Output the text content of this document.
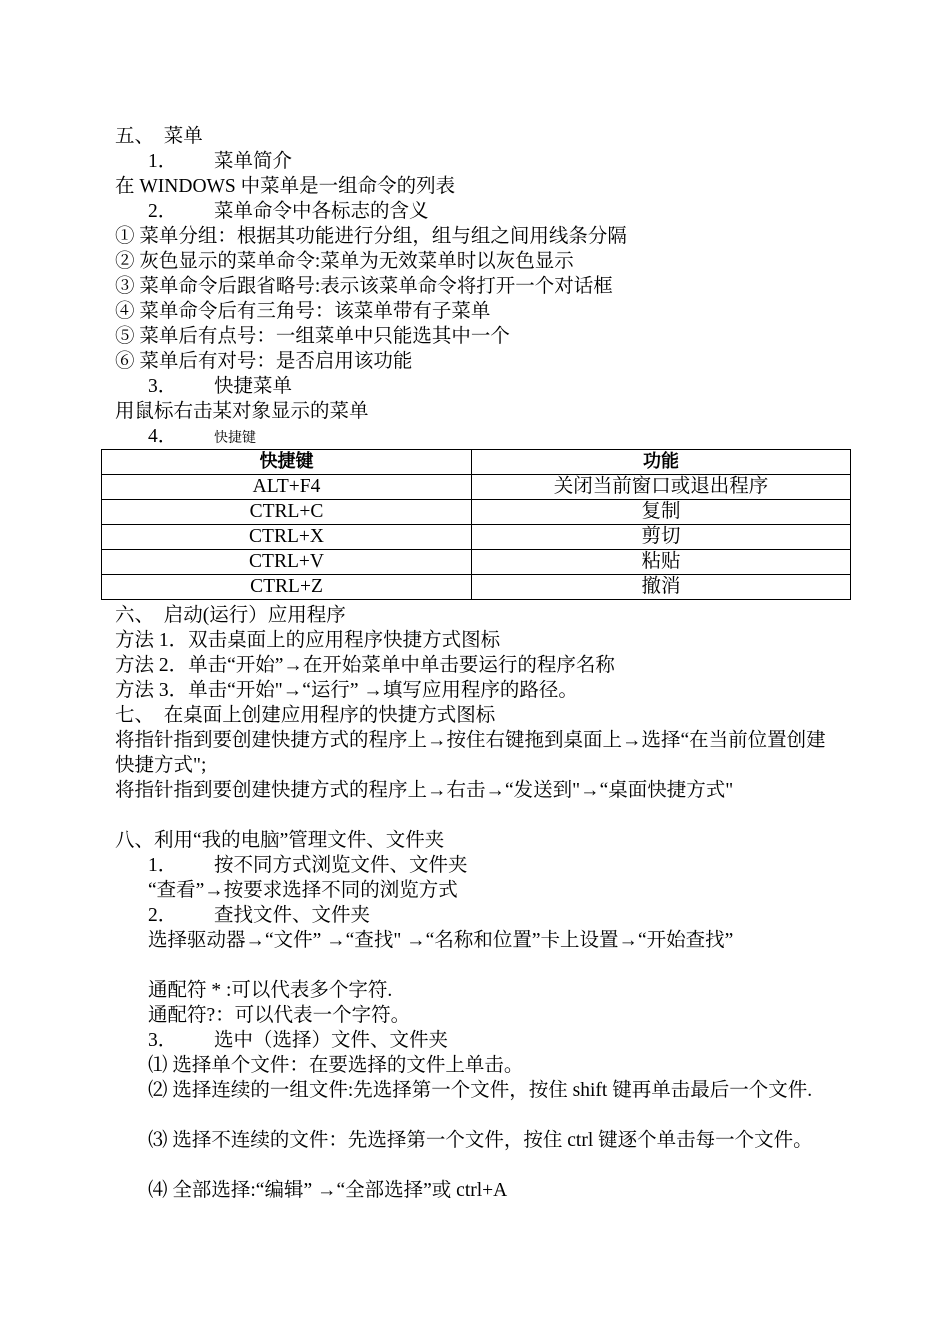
五、　菜单
1． 菜单简介
在 WINDOWS 中菜单是一组命令的列表
2． 菜单命令中各标志的含义
① 菜单分组：根据其功能进行分组，组与组之间用线条分隔
② 灰色显示的菜单命令:菜单为无效菜单时以灰色显示
③ 菜单命令后跟省略号:表示该菜单命令将打开一个对话框
④ 菜单命令后有三角号：该菜单带有子菜单
⑤ 菜单后有点号：一组菜单中只能选其中一个
⑥ 菜单后有对号：是否启用该功能
3． 快捷菜单
用鼠标右击某对象显示的菜单
4．	快捷键
快捷键	功能
ALT+F4	关闭当前窗口或退出程序
CTRL+C	复制
CTRL+X	剪切
CTRL+V	粘贴
CTRL+Z	撤消
六、　启动(运行）应用程序
方法 1．双击桌面上的应用程序快捷方式图标
方法 2．单击“开始”→在开始菜单中单击要运行的程序名称
方法 3．单击“开始"→“运行” →填写应用程序的路径。
七、　在桌面上创建应用程序的快捷方式图标
将指针指到要创建快捷方式的程序上→按住右键拖到桌面上→选择“在当前位置创建快捷方式";
将指针指到要创建快捷方式的程序上→右击→“发送到"→“桌面快捷方式"
八、利用“我的电脑”管理文件、文件夹
1． 按不同方式浏览文件、文件夹
“查看”→按要求选择不同的浏览方式
2． 查找文件、文件夹
选择驱动器→“文件” →“查找" →“名称和位置”卡上设置→“开始查找”
通配符 * :可以代表多个字符.
通配符?：可以代表一个字符。
3． 选中（选择）文件、文件夹
⑴ 选择单个文件：在要选择的文件上单击。
⑵ 选择连续的一组文件:先选择第一个文件，按住 shift 键再单击最后一个文件.
⑶ 选择不连续的文件：先选择第一个文件，按住 ctrl 键逐个单击每一个文件。
⑷ 全部选择:“编辑” →“全部选择”或 ctrl+A
